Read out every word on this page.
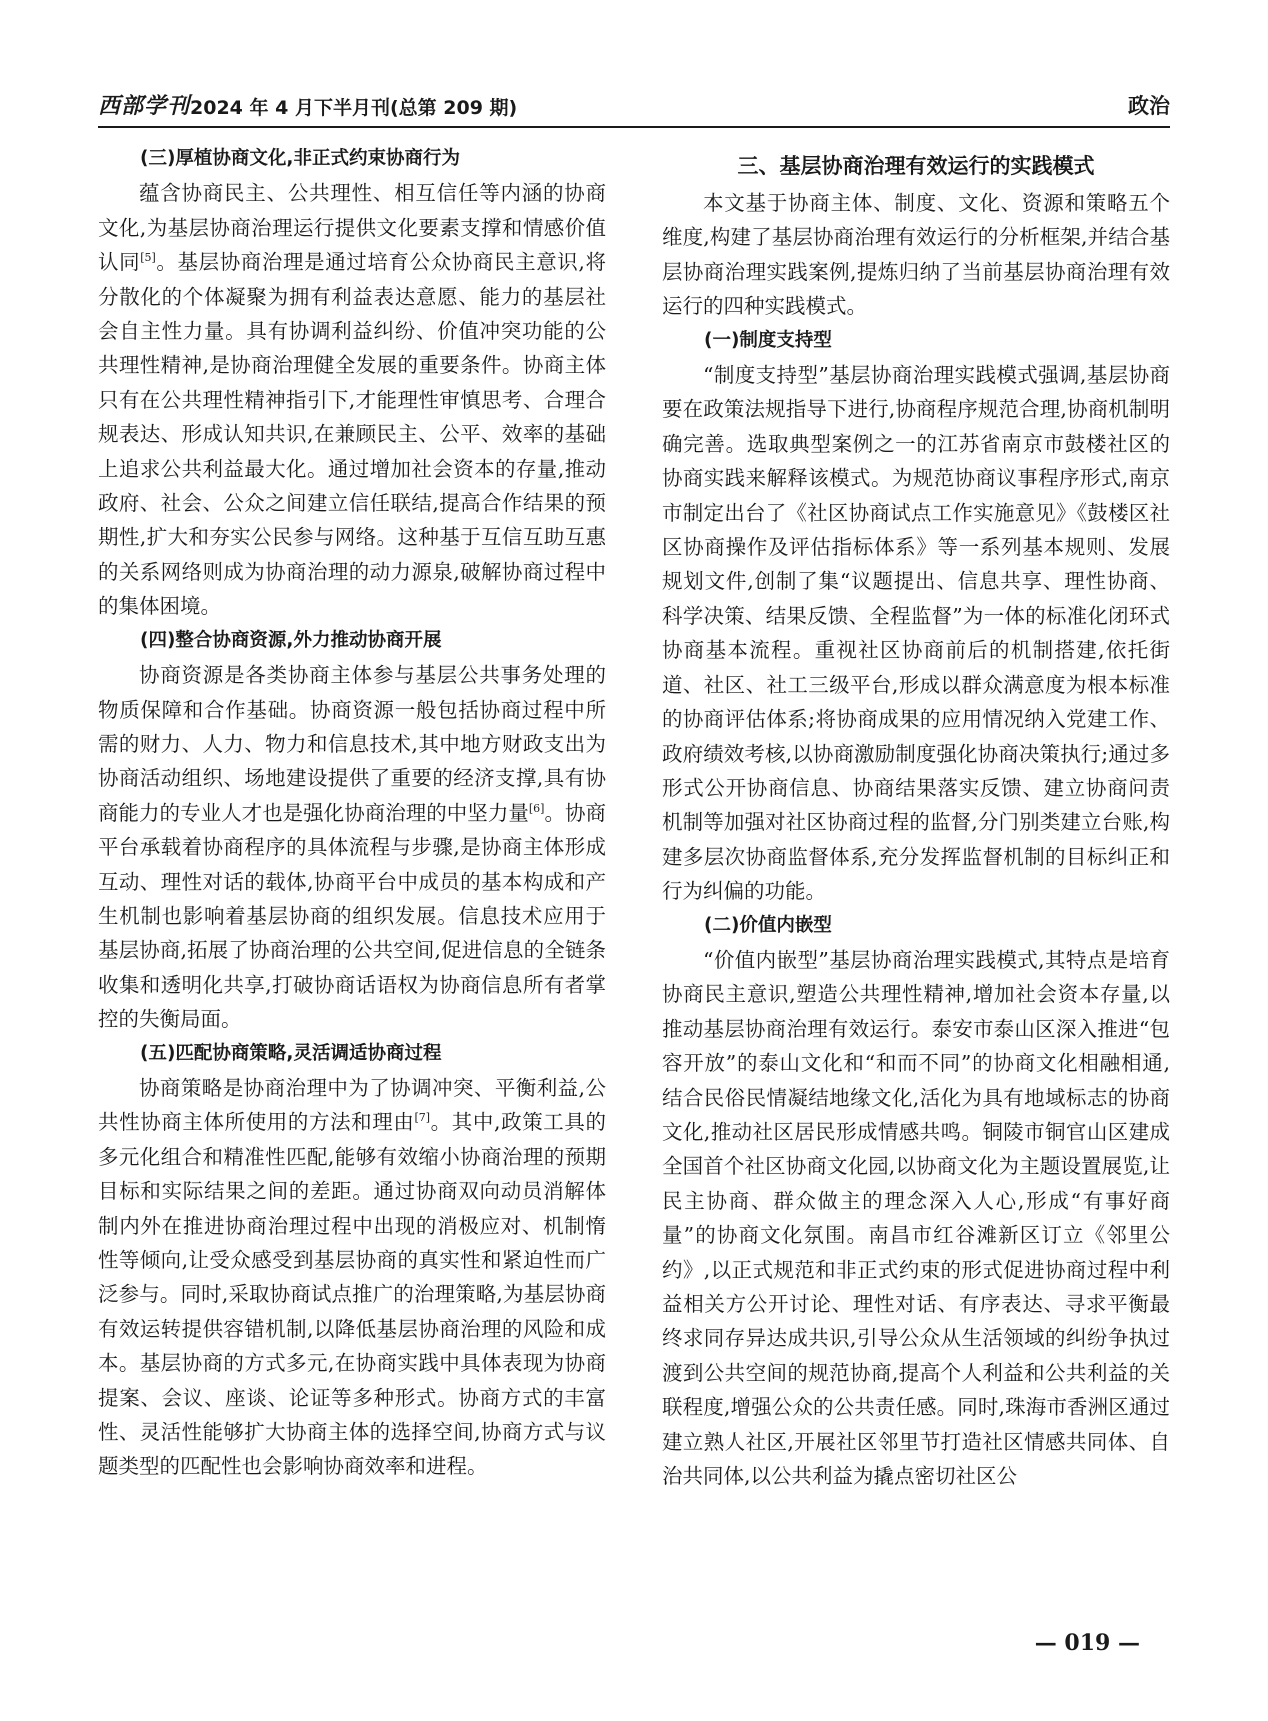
西部学刊 2024 年 4 月下半月刊(总第 209 期)	政治
(三)厚植协商文化,非正式约束协商行为

蕴含协商民主、公共理性、相互信任等内涵的协商文化,为基层协商治理运行提供文化要素支撑和情感价值认同[5]。基层协商治理是通过培育公众协商民主意识,将分散化的个体凝聚为拥有利益表达意愿、能力的基层社会自主性力量。具有协调利益纠纷、价值冲突功能的公共理性精神,是协商治理健全发展的重要条件。协商主体只有在公共理性精神指引下,才能理性审慎思考、合理合规表达、形成认知共识,在兼顾民主、公平、效率的基础上追求公共利益最大化。通过增加社会资本的存量,推动政府、社会、公众之间建立信任联结,提高合作结果的预期性,扩大和夯实公民参与网络。这种基于互信互助互惠的关系网络则成为协商治理的动力源泉,破解协商过程中的集体困境。

(四)整合协商资源,外力推动协商开展

协商资源是各类协商主体参与基层公共事务处理的物质保障和合作基础。协商资源一般包括协商过程中所需的财力、人力、物力和信息技术,其中地方财政支出为协商活动组织、场地建设提供了重要的经济支撑,具有协商能力的专业人才也是强化协商治理的中坚力量[6]。协商平台承载着协商程序的具体流程与步骤,是协商主体形成互动、理性对话的载体,协商平台中成员的基本构成和产生机制也影响着基层协商的组织发展。信息技术应用于基层协商,拓展了协商治理的公共空间,促进信息的全链条收集和透明化共享,打破协商话语权为协商信息所有者掌控的失衡局面。

(五)匹配协商策略,灵活调适协商过程

协商策略是协商治理中为了协调冲突、平衡利益,公共性协商主体所使用的方法和理由[7]。其中,政策工具的多元化组合和精准性匹配,能够有效缩小协商治理的预期目标和实际结果之间的差距。通过协商双向动员消解体制内外在推进协商治理过程中出现的消极应对、机制惰性等倾向,让受众感受到基层协商的真实性和紧迫性而广泛参与。同时,采取协商试点推广的治理策略,为基层协商有效运转提供容错机制,以降低基层协商治理的风险和成本。基层协商的方式多元,在协商实践中具体表现为协商提案、会议、座谈、论证等多种形式。协商方式的丰富性、灵活性能够扩大协商主体的选择空间,协商方式与议题类型的匹配性也会影响协商效率和进程。

三、基层协商治理有效运行的实践模式

本文基于协商主体、制度、文化、资源和策略五个维度,构建了基层协商治理有效运行的分析框架,并结合基层协商治理实践案例,提炼归纳了当前基层协商治理有效运行的四种实践模式。

(一)制度支持型

“制度支持型”基层协商治理实践模式强调,基层协商要在政策法规指导下进行,协商程序规范合理,协商机制明确完善。选取典型案例之一的江苏省南京市鼓楼社区的协商实践来解释该模式。为规范协商议事程序形式,南京市制定出台了《社区协商试点工作实施意见》《鼓楼区社区协商操作及评估指标体系》等一系列基本规则、发展规划文件,创制了集“议题提出、信息共享、理性协商、科学决策、结果反馈、全程监督”为一体的标准化闭环式协商基本流程。重视社区协商前后的机制搭建,依托街道、社区、社工三级平台,形成以群众满意度为根本标准的协商评估体系;将协商成果的应用情况纳入党建工作、政府绩效考核,以协商激励制度强化协商决策执行;通过多形式公开协商信息、协商结果落实反馈、建立协商问责机制等加强对社区协商过程的监督,分门别类建立台账,构建多层次协商监督体系,充分发挥监督机制的目标纠正和行为纠偏的功能。

(二)价值内嵌型

“价值内嵌型”基层协商治理实践模式,其特点是培育协商民主意识,塑造公共理性精神,增加社会资本存量,以推动基层协商治理有效运行。泰安市泰山区深入推进“包容开放”的泰山文化和“和而不同”的协商文化相融相通,结合民俗民情凝结地缘文化,活化为具有地域标志的协商文化,推动社区居民形成情感共鸣。铜陵市铜官山区建成全国首个社区协商文化园,以协商文化为主题设置展览,让民主协商、群众做主的理念深入人心,形成“有事好商量”的协商文化氛围。南昌市红谷滩新区订立《邻里公约》,以正式规范和非正式约束的形式促进协商过程中利益相关方公开讨论、理性对话、有序表达、寻求平衡最终求同存异达成共识,引导公众从生活领域的纠纷争执过渡到公共空间的规范协商,提高个人利益和公共利益的关联程度,增强公众的公共责任感。同时,珠海市香洲区通过建立熟人社区,开展社区邻里节打造社区情感共同体、自治共同体,以公共利益为撬点密切社区公

— 019 —
